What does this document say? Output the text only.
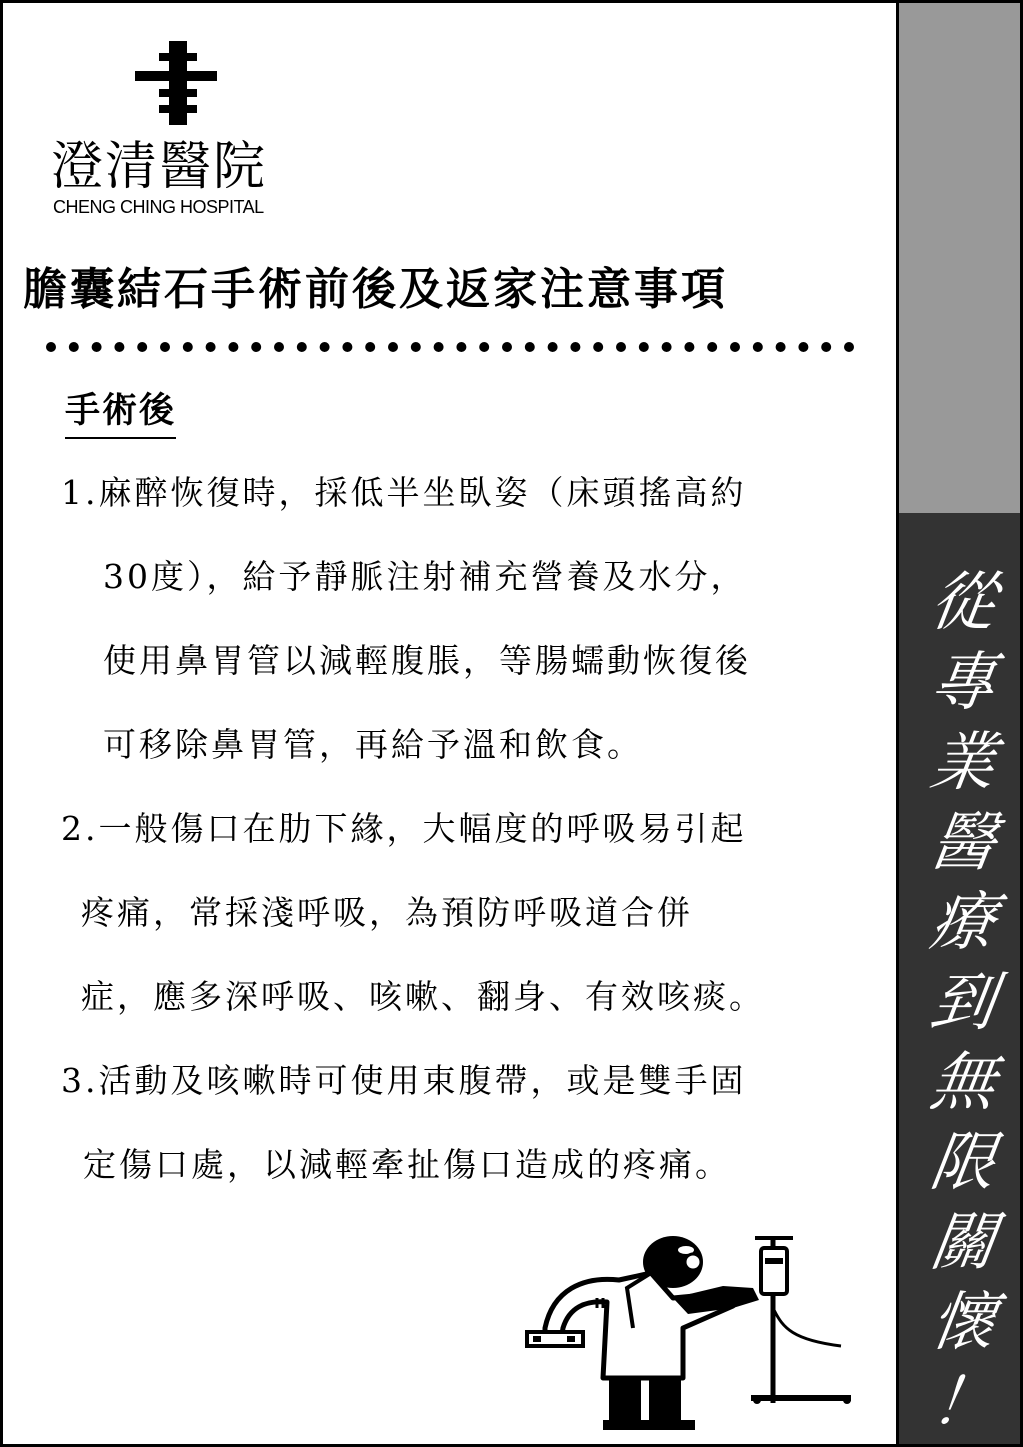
從
專
業
醫
療
到
無
限
關
懷
！
澄清醫院
CHENG CHING HOSPITAL
膽囊結石手術前後及返家注意事項
手術後
1.麻醉恢復時，採低半坐臥姿（床頭搖高約
30度），給予靜脈注射補充營養及水分，
使用鼻胃管以減輕腹脹，等腸蠕動恢復後
可移除鼻胃管，再給予溫和飲食。
2.一般傷口在肋下緣，大幅度的呼吸易引起
疼痛，常採淺呼吸，為預防呼吸道合併
症，應多深呼吸、咳嗽、翻身、有效咳痰。
3.活動及咳嗽時可使用束腹帶，或是雙手固
定傷口處，以減輕牽扯傷口造成的疼痛。
